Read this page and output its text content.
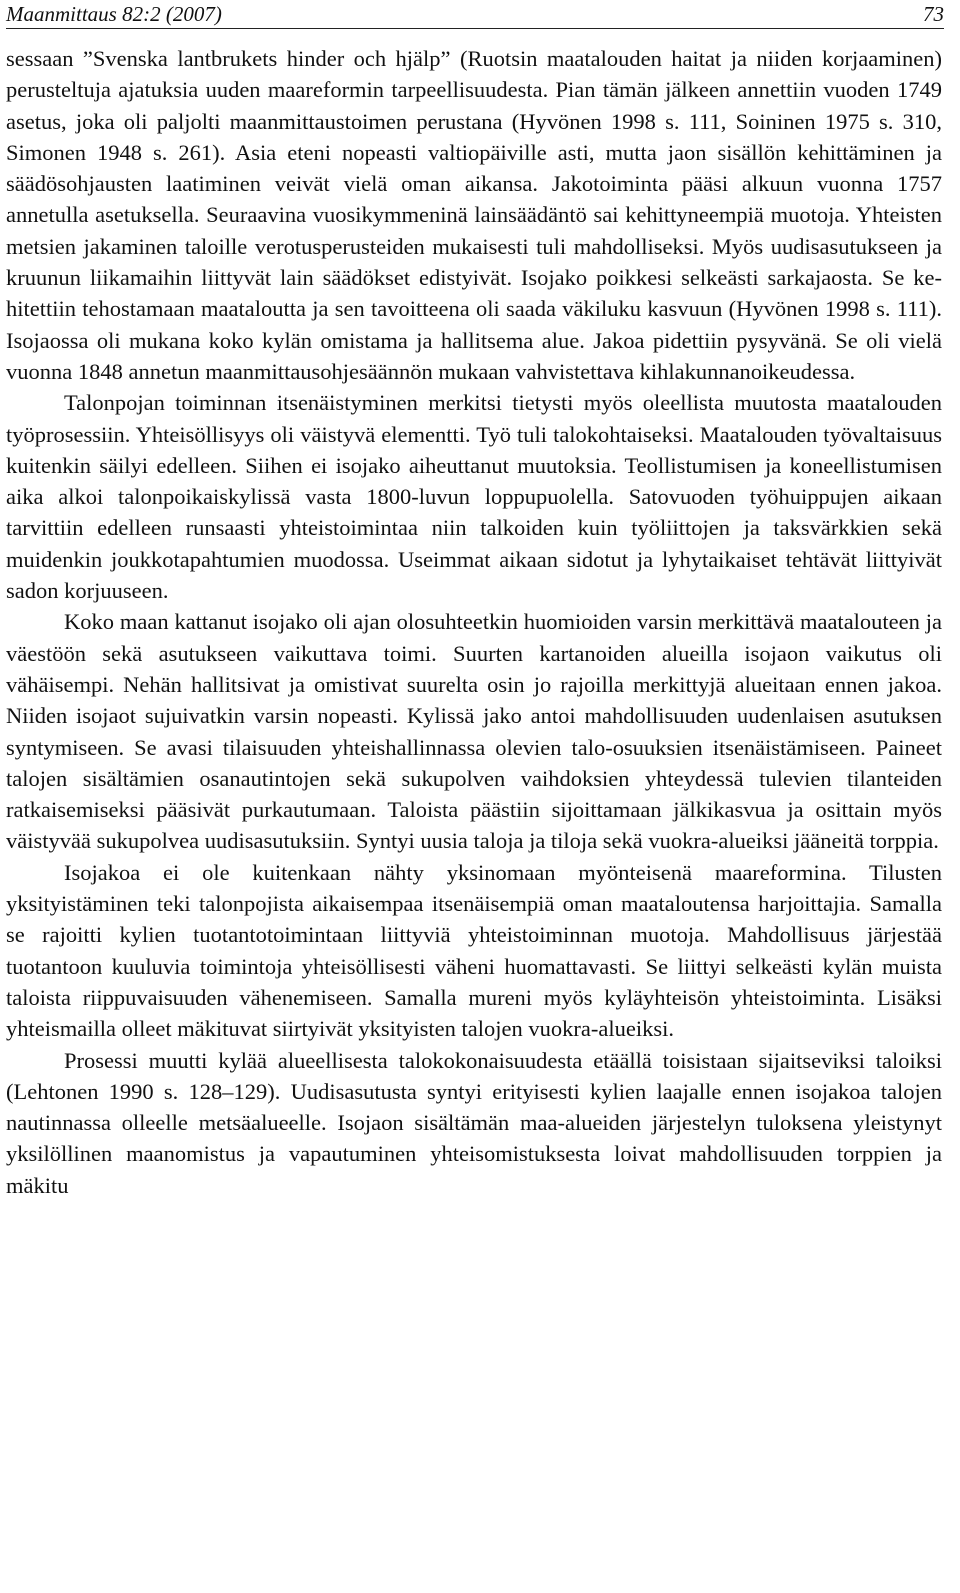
Maanmittaus 82:2 (2007)	73

sessaan ”Svenska lantbrukets hinder och hjälp” (Ruotsin maatalouden haitat ja niiden korjaaminen) perusteltuja ajatuksia uuden maareformin tarpeellisuudesta. Pian tämän jälkeen annettiin vuoden 1749 asetus, joka oli paljolti maanmittaustoimen perustana (Hyvönen 1998 s. 111, Soininen 1975 s. 310, Simonen 1948 s. 261). Asia eteni nopeasti valtiopäiville asti, mutta jaon sisällön kehittäminen ja säädösohjausten laatiminen veivät vielä oman aikansa. Jakotoiminta pääsi alkuun vuonna 1757 annetulla asetuksella. Seuraavina vuosikymmeninä lainsäädäntö sai kehittyneempiä muotoja. Yhteisten metsien jakaminen taloille verotusperusteiden mukaisesti tuli mahdolliseksi. Myös uudisasutukseen ja kruunun liikamaihin liittyvät lain säädökset edistyivät. Isojako poikkesi selkeästi sarkajaosta. Se kehitettiin tehostamaan maataloutta ja sen tavoitteena oli saada väkiluku kasvuun (Hyvönen 1998 s. 111). Isojaossa oli mukana koko kylän omistama ja hallitsema alue. Jakoa pidettiin pysyvänä. Se oli vielä vuonna 1848 annetun maanmittausohjesäännön mukaan vahvistettava kihlakunnanoikeudessa.

Talonpojan toiminnan itsenäistyminen merkitsi tietysti myös oleellista muutosta maatalouden työprosessiin. Yhteisöllisyys oli väistyvä elementti. Työ tuli talokohtaiseksi. Maatalouden työvaltaisuus kuitenkin säilyi edelleen. Siihen ei isojako aiheuttanut muutoksia. Teollistumisen ja koneellistumisen aika alkoi talonpoikaiskylissä vasta 1800-luvun loppupuolella. Satovuoden työhuippujen aikaan tarvittiin edelleen runsaasti yhteistoimintaa niin talkoiden kuin työliittojen ja taksvärkkien sekä muidenkin joukkotapahtumien muodossa. Useimmat aikaan sidotut ja lyhytaikaiset tehtävät liittyivät sadon korjuuseen.

Koko maan kattanut isojako oli ajan olosuhteetkin huomioiden varsin merkittävä maatalouteen ja väestöön sekä asutukseen vaikuttava toimi. Suurten kartanoiden alueilla isojaon vaikutus oli vähäisempi. Nehän hallitsivat ja omistivat suurelta osin jo rajoilla merkittyjä alueitaan ennen jakoa. Niiden isojaot sujuivatkin varsin nopeasti. Kylissä jako antoi mahdollisuuden uudenlaisen asutuksen syntymiseen. Se avasi tilaisuuden yhteishallinnassa olevien talo-osuuksien itsenäistämiseen. Paineet talojen sisältämien osanautintojen sekä sukupolven vaihdoksien yhteydessä tulevien tilanteiden ratkaisemiseksi pääsivät purkautumaan. Taloista päästiin sijoittamaan jälkikasvua ja osittain myös väistyvää sukupolvea uudisasutuksiin. Syntyi uusia taloja ja tiloja sekä vuokra-alueiksi jääneitä torppia.

Isojakoa ei ole kuitenkaan nähty yksinomaan myönteisenä maareformina. Tilusten yksityistäminen teki talonpojista aikaisempaa itsenäisempiä oman maataloutensa harjoittajia. Samalla se rajoitti kylien tuotantotoimintaan liittyviä yhteistoiminnan muotoja. Mahdollisuus järjestää tuotantoon kuuluvia toimintoja yhteisöllisesti väheni huomattavasti. Se liittyi selkeästi kylän muista taloista riippuvaisuuden vähenemiseen. Samalla mureni myös kyläyhteisön yhteistoiminta. Lisäksi yhteismailla olleet mäkituvat siirtyivät yksityisten talojen vuokra-alueiksi.

Prosessi muutti kylää alueellisesta talokokonaisuudesta etäällä toisistaan sijaitseviksi taloiksi (Lehtonen 1990 s. 128–129). Uudisasutusta syntyi erityisesti kylien laajalle ennen isojakoa talojen nautinnassa olleelle metsäalueelle. Isojaon sisältämän maa-alueiden järjestelyn tuloksena yleistynyt yksilöllinen maanomistus ja vapautuminen yhteisomistuksesta loivat mahdollisuuden torppien ja mäkitu
